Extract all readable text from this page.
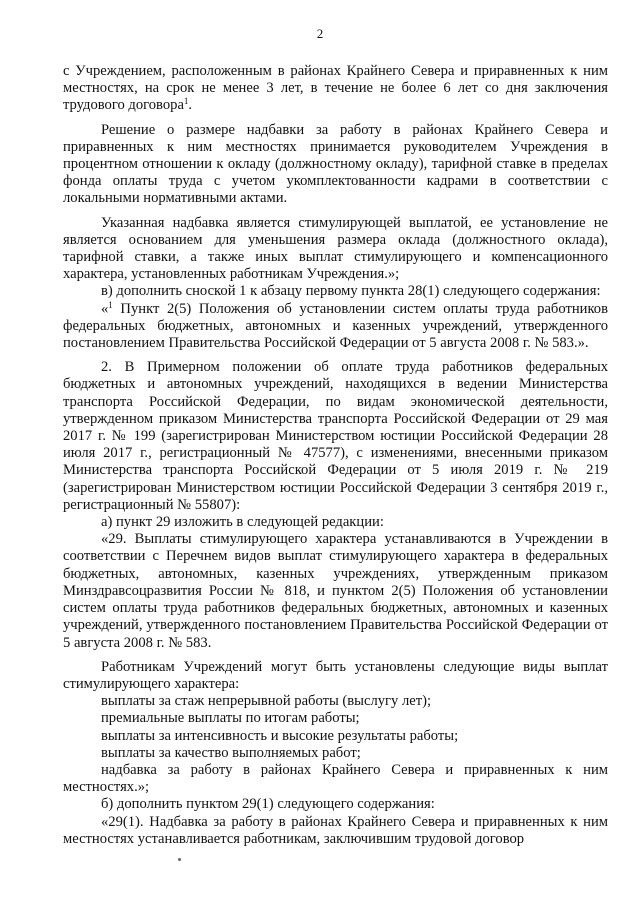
2
с Учреждением, расположенным в районах Крайнего Севера и приравненных к ним местностях, на срок не менее 3 лет, в течение не более 6 лет со дня заключения трудового договора$^1$.
Решение о размере надбавки за работу в районах Крайнего Севера и приравненных к ним местностях принимается руководителем Учреждения в процентном отношении к окладу (должностному окладу), тарифной ставке в пределах фонда оплаты труда с учетом укомплектованности кадрами в соответствии с локальными нормативными актами.
Указанная надбавка является стимулирующей выплатой, ее установление не является основанием для уменьшения размера оклада (должностного оклада), тарифной ставки, а также иных выплат стимулирующего и компенсационного характера, установленных работникам Учреждения.»;
в) дополнить сноской 1 к абзацу первому пункта 28(1) следующего содержания:
«$^1$ Пункт 2(5) Положения об установлении систем оплаты труда работников федеральных бюджетных, автономных и казенных учреждений, утвержденного постановлением Правительства Российской Федерации от 5 августа 2008 г. № 583.».
2. В Примерном положении об оплате труда работников федеральных бюджетных и автономных учреждений, находящихся в ведении Министерства транспорта Российской Федерации, по видам экономической деятельности, утвержденном приказом Министерства транспорта Российской Федерации от 29 мая 2017 г. № 199 (зарегистрирован Министерством юстиции Российской Федерации 28 июля 2017 г., регистрационный № 47577), с изменениями, внесенными приказом Министерства транспорта Российской Федерации от 5 июля 2019 г. № 219 (зарегистрирован Министерством юстиции Российской Федерации 3 сентября 2019 г., регистрационный № 55807):
а) пункт 29 изложить в следующей редакции:
«29. Выплаты стимулирующего характера устанавливаются в Учреждении в соответствии с Перечнем видов выплат стимулирующего характера в федеральных бюджетных, автономных, казенных учреждениях, утвержденным приказом Минздравсоцразвития России № 818, и пунктом 2(5) Положения об установлении систем оплаты труда работников федеральных бюджетных, автономных и казенных учреждений, утвержденного постановлением Правительства Российской Федерации от 5 августа 2008 г. № 583.
Работникам Учреждений могут быть установлены следующие виды выплат стимулирующего характера:
выплаты за стаж непрерывной работы (выслугу лет);
премиальные выплаты по итогам работы;
выплаты за интенсивность и высокие результаты работы;
выплаты за качество выполняемых работ;
надбавка за работу в районах Крайнего Севера и приравненных к ним местностях.»;
б) дополнить пунктом 29(1) следующего содержания:
«29(1). Надбавка за работу в районах Крайнего Севера и приравненных к ним местностях устанавливается работникам, заключившим трудовой договор
